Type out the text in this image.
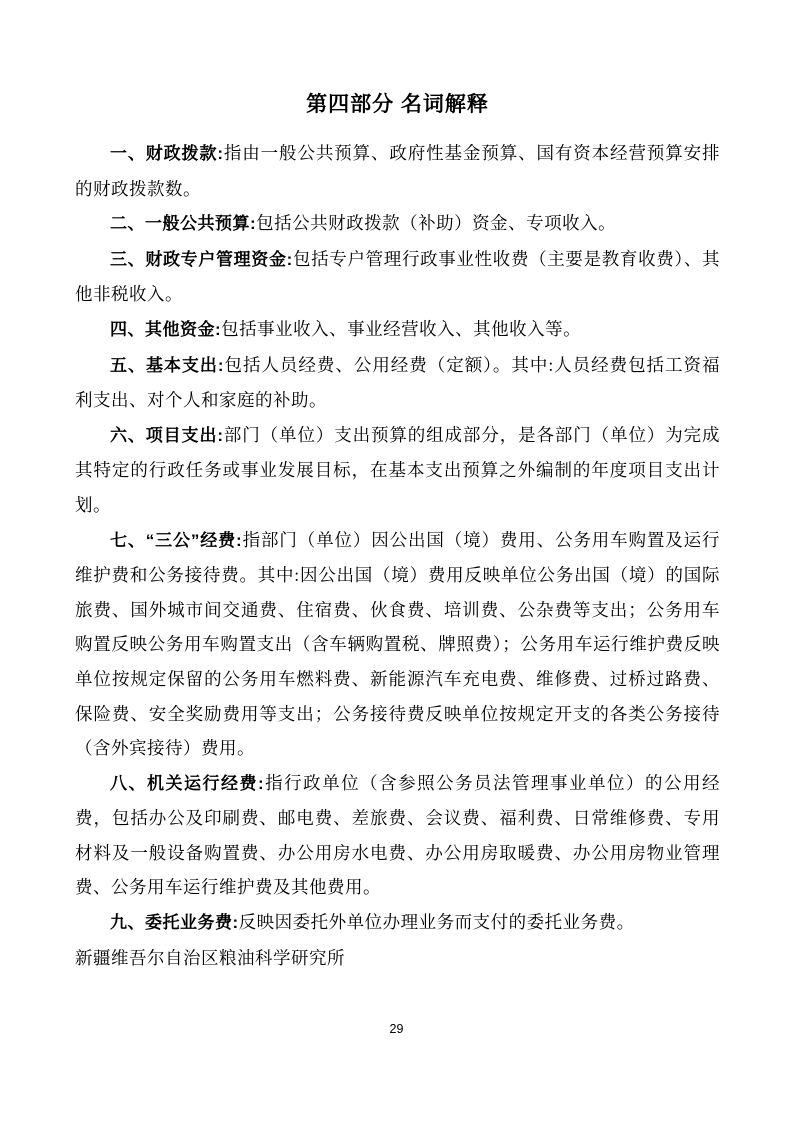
第四部分 名词解释

一、财政拨款:指由一般公共预算、政府性基金预算、国有资本经营预算安排的财政拨款数。

二、一般公共预算:包括公共财政拨款（补助）资金、专项收入。

三、财政专户管理资金:包括专户管理行政事业性收费（主要是教育收费）、其他非税收入。

四、其他资金:包括事业收入、事业经营收入、其他收入等。

五、基本支出:包括人员经费、公用经费（定额）。其中:人员经费包括工资福利支出、对个人和家庭的补助。

六、项目支出:部门（单位）支出预算的组成部分，是各部门（单位）为完成其特定的行政任务或事业发展目标，在基本支出预算之外编制的年度项目支出计划。

七、“三公”经费:指部门（单位）因公出国（境）费用、公务用车购置及运行维护费和公务接待费。其中:因公出国（境）费用反映单位公务出国（境）的国际旅费、国外城市间交通费、住宿费、伙食费、培训费、公杂费等支出；公务用车购置反映公务用车购置支出（含车辆购置税、牌照费）；公务用车运行维护费反映单位按规定保留的公务用车燃料费、新能源汽车充电费、维修费、过桥过路费、保险费、安全奖励费用等支出；公务接待费反映单位按规定开支的各类公务接待（含外宾接待）费用。

八、机关运行经费:指行政单位（含参照公务员法管理事业单位）的公用经费，包括办公及印刷费、邮电费、差旅费、会议费、福利费、日常维修费、专用材料及一般设备购置费、办公用房水电费、办公用房取暖费、办公用房物业管理费、公务用车运行维护费及其他费用。

九、委托业务费:反映因委托外单位办理业务而支付的委托业务费。

新疆维吾尔自治区粮油科学研究所

29
